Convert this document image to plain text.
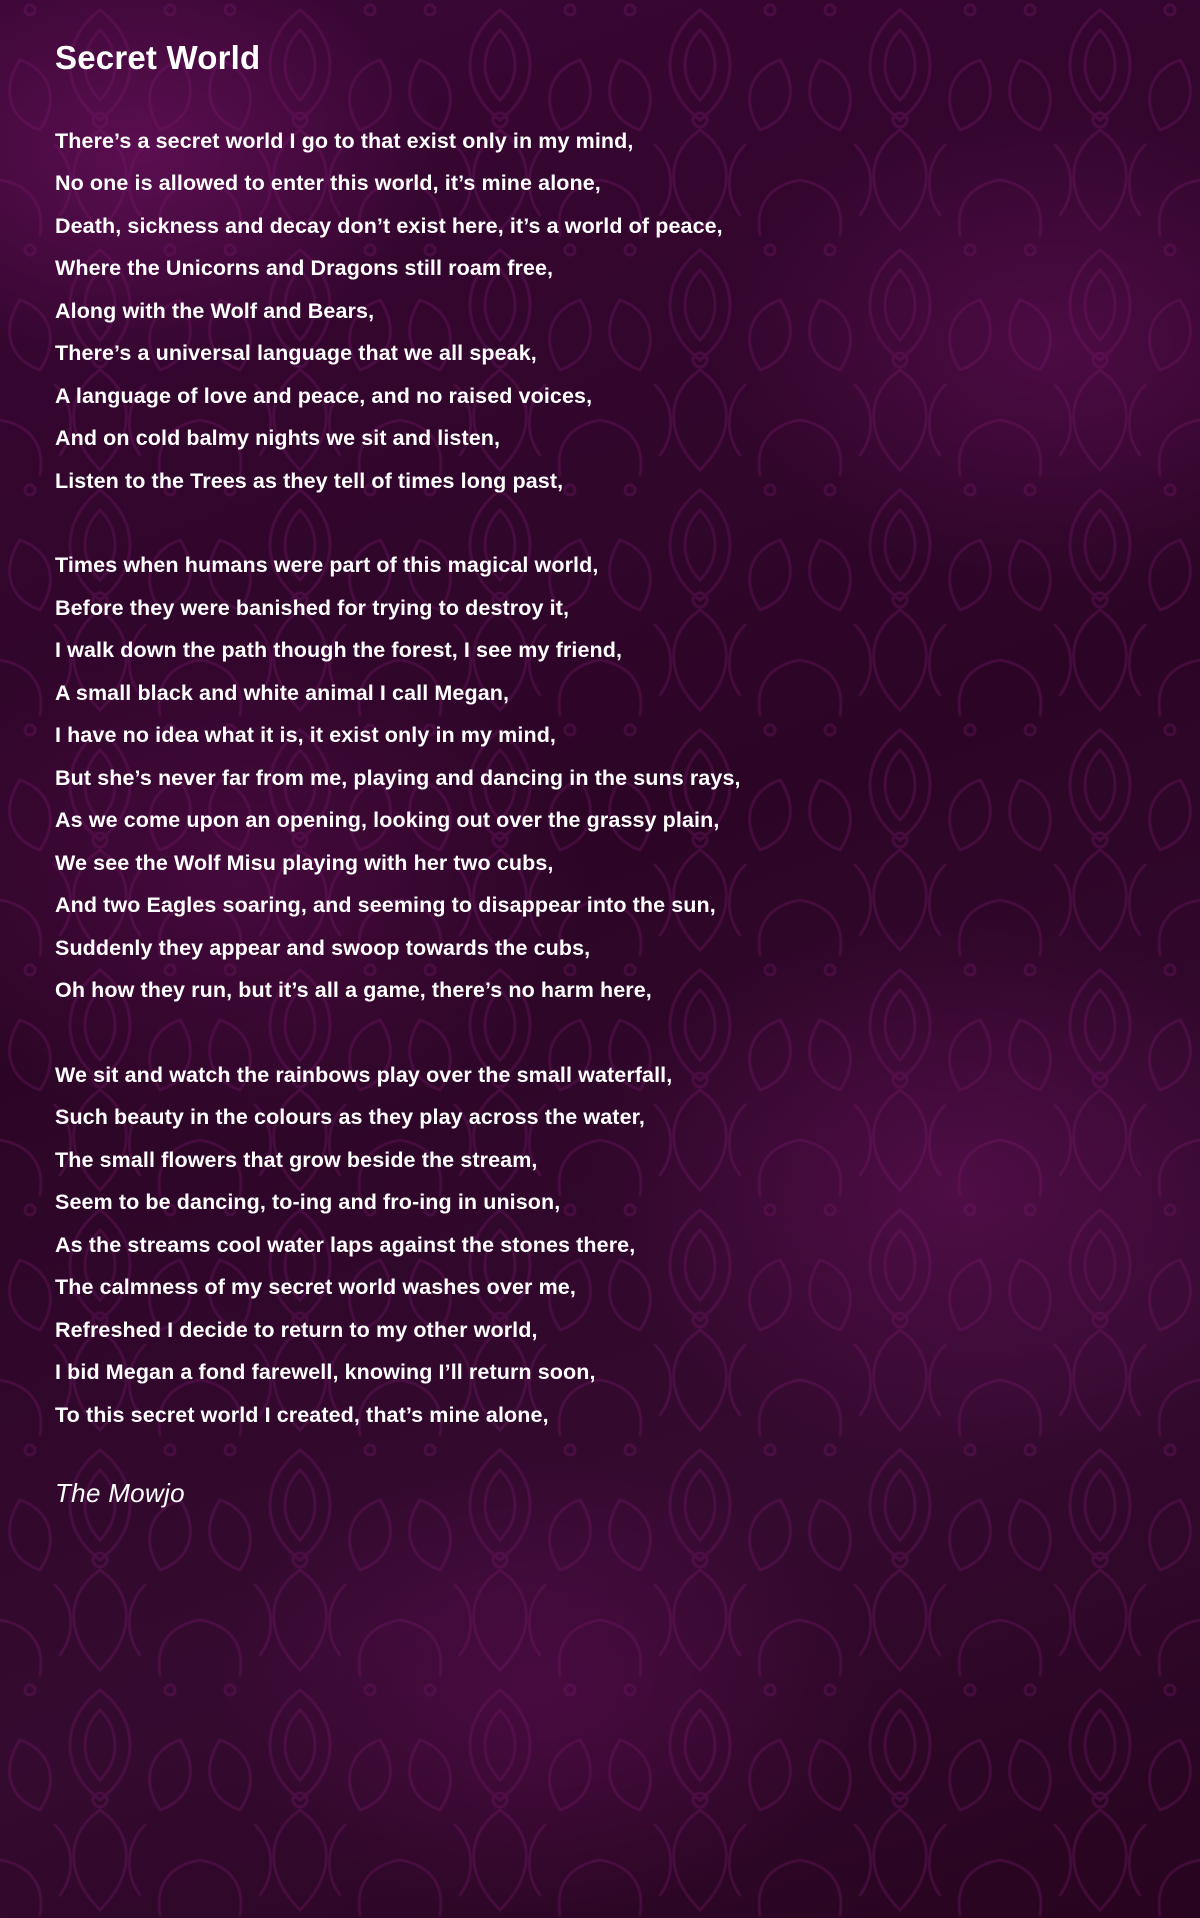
Secret World
There’s a secret world I go to that exist only in my mind,
No one is allowed to enter this world, it’s mine alone,
Death, sickness and decay don’t exist here, it’s a world of peace,
Where the Unicorns and Dragons still roam free,
Along with the Wolf and Bears,
There’s a universal language that we all speak,
A language of love and peace, and no raised voices,
And on cold balmy nights we sit and listen,
Listen to the Trees as they tell of times long past,
Times when humans were part of this magical world,
Before they were banished for trying to destroy it,
I walk down the path though the forest, I see my friend,
A small black and white animal I call Megan,
I have no idea what it is, it exist only in my mind,
But she’s never far from me, playing and dancing in the suns rays,
As we come upon an opening, looking out over the grassy plain,
We see the Wolf Misu playing with her two cubs,
And two Eagles soaring, and seeming to disappear into the sun,
Suddenly they appear and swoop towards the cubs,
Oh how they run, but it’s all a game, there’s no harm here,
We sit and watch the rainbows play over the small waterfall,
Such beauty in the colours as they play across the water,
The small flowers that grow beside the stream,
Seem to be dancing, to-ing and fro-ing in unison,
As the streams cool water laps against the stones there,
The calmness of my secret world washes over me,
Refreshed I decide to return to my other world,
I bid Megan a fond farewell, knowing I’ll return soon,
To this secret world I created, that’s mine alone,
The Mowjo
